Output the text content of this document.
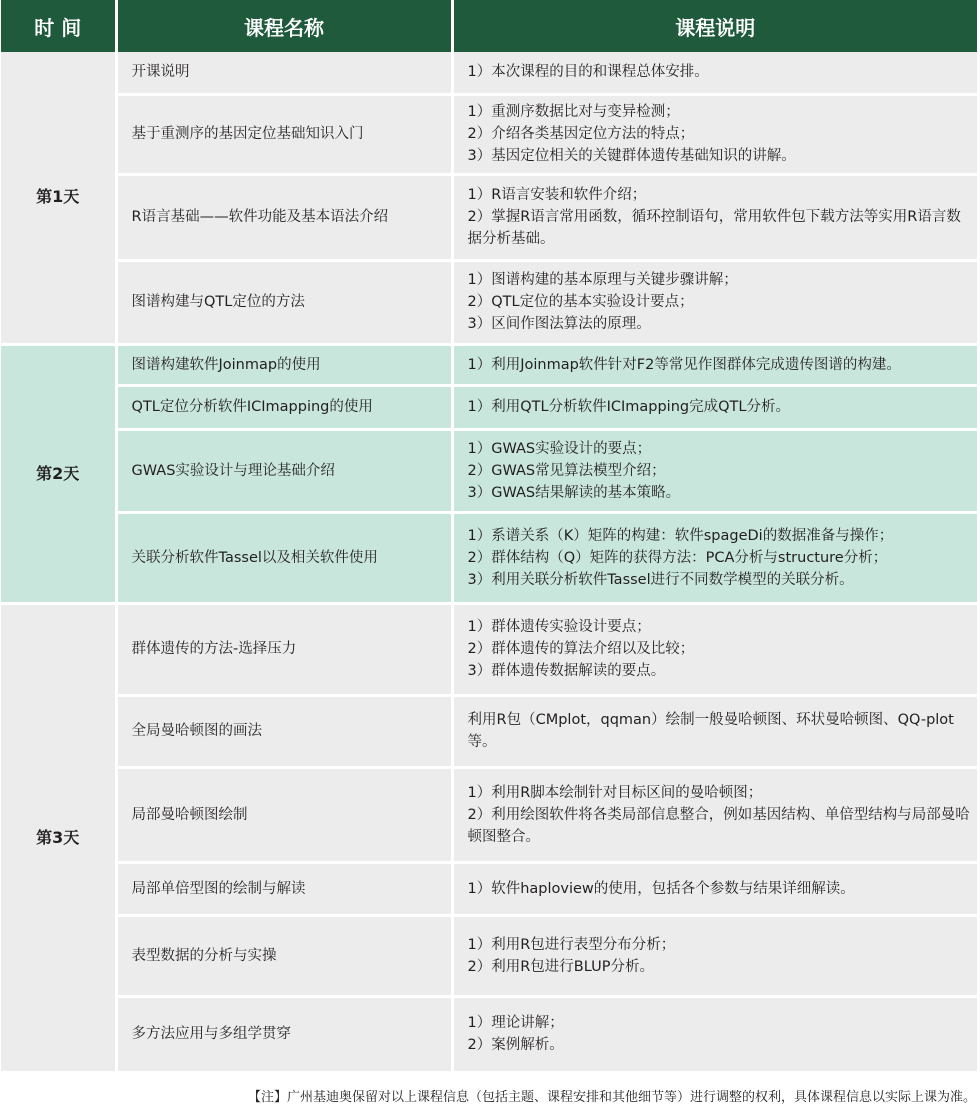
时 间	课程名称	课程说明
第1天	开课说明	1）本次课程的目的和课程总体安排。

	基于重测序的基因定位基础知识入门	1）重测序数据比对与变异检测；
2）介绍各类基因定位方法的特点；
3）基因定位相关的关键群体遗传基础知识的讲解。

	R语言基础——软件功能及基本语法介绍	1）R语言安装和软件介绍；
2）掌握R语言常用函数，循环控制语句，常用软件包下载方法等实用R语言数据分析基础。

	图谱构建与QTL定位的方法	1）图谱构建的基本原理与关键步骤讲解；
2）QTL定位的基本实验设计要点；
3）区间作图法算法的原理。

第2天	图谱构建软件Joinmap的使用	1）利用Joinmap软件针对F2等常见作图群体完成遗传图谱的构建。

	QTL定位分析软件ICImapping的使用	1）利用QTL分析软件ICImapping完成QTL分析。

	GWAS实验设计与理论基础介绍	1）GWAS实验设计的要点；
2）GWAS常见算法模型介绍；
3）GWAS结果解读的基本策略。

	关联分析软件Tassel以及相关软件使用	1）系谱关系（K）矩阵的构建：软件spageDi的数据准备与操作；
2）群体结构（Q）矩阵的获得方法：PCA分析与structure分析；
3）利用关联分析软件Tassel进行不同数学模型的关联分析。

第3天	群体遗传的方法-选择压力	1）群体遗传实验设计要点；
2）群体遗传的算法介绍以及比较；
3）群体遗传数据解读的要点。

	全局曼哈顿图的画法	利用R包（CMplot，qqman）绘制一般曼哈顿图、环状曼哈顿图、QQ-plot等。

	局部曼哈顿图绘制	1）利用R脚本绘制针对目标区间的曼哈顿图；
2）利用绘图软件将各类局部信息整合，例如基因结构、单倍型结构与局部曼哈顿图整合。

	局部单倍型图的绘制与解读	1）软件haploview的使用，包括各个参数与结果详细解读。

	表型数据的分析与实操	1）利用R包进行表型分布分析；
2）利用R包进行BLUP分析。

	多方法应用与多组学贯穿	1）理论讲解；
2）案例解析。
【注】广州基迪奥保留对以上课程信息（包括主题、课程安排和其他细节等）进行调整的权利，具体课程信息以实际上课为准。
